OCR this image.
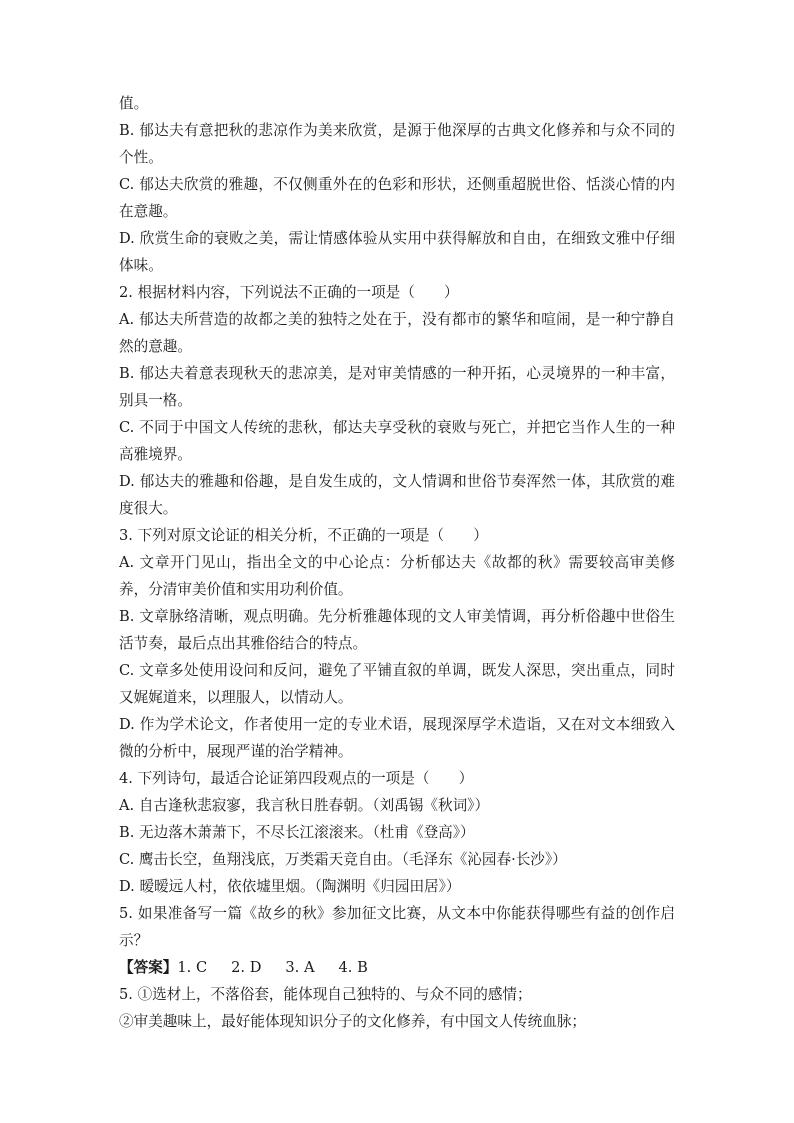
值。

B. 郁达夫有意把秋的悲凉作为美来欣赏，是源于他深厚的古典文化修养和与众不同的个性。

C. 郁达夫欣赏的雅趣，不仅侧重外在的色彩和形状，还侧重超脱世俗、恬淡心情的内在意趣。

D. 欣赏生命的衰败之美，需让情感体验从实用中获得解放和自由，在细致文雅中仔细体味。

2. 根据材料内容，下列说法不正确的一项是（　　）

A. 郁达夫所营造的故都之美的独特之处在于，没有都市的繁华和喧闹，是一种宁静自然的意趣。

B. 郁达夫着意表现秋天的悲凉美，是对审美情感的一种开拓，心灵境界的一种丰富，别具一格。

C. 不同于中国文人传统的悲秋，郁达夫享受秋的衰败与死亡，并把它当作人生的一种高雅境界。

D. 郁达夫的雅趣和俗趣，是自发生成的，文人情调和世俗节奏浑然一体，其欣赏的难度很大。

3. 下列对原文论证的相关分析，不正确的一项是（　　）

A. 文章开门见山，指出全文的中心论点：分析郁达夫《故都的秋》需要较高审美修养，分清审美价值和实用功利价值。

B. 文章脉络清晰，观点明确。先分析雅趣体现的文人审美情调，再分析俗趣中世俗生活节奏，最后点出其雅俗结合的特点。

C. 文章多处使用设问和反问，避免了平铺直叙的单调，既发人深思，突出重点，同时又娓娓道来，以理服人，以情动人。

D. 作为学术论文，作者使用一定的专业术语，展现深厚学术造诣，又在对文本细致入微的分析中，展现严谨的治学精神。

4. 下列诗句，最适合论证第四段观点的一项是（　　）

A. 自古逢秋悲寂寥，我言秋日胜春朝。（刘禹锡《秋词》）

B. 无边落木萧萧下，不尽长江滚滚来。（杜甫《登高》）

C. 鹰击长空，鱼翔浅底，万类霜天竞自由。（毛泽东《沁园春·长沙》）

D. 暧暧远人村，依依墟里烟。（陶渊明《归园田居》）

5. 如果准备写一篇《故乡的秋》参加征文比赛，从文本中你能获得哪些有益的创作启示？

【答案】1. C 2. D 3. A 4. B

5. ①选材上，不落俗套，能体现自己独特的、与众不同的感情；

②审美趣味上，最好能体现知识分子的文化修养，有中国文人传统血脉；
